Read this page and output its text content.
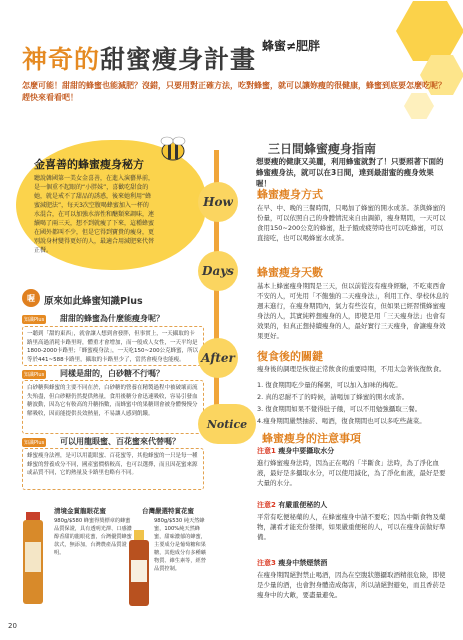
蜂蜜≠肥胖
神奇的甜蜜瘦身計畫
怎麼可能！甜甜的蜂蜜也能減肥？沒錯，只要用對正確方法，吃對蜂蜜，就可以讓妳瘦的很健康，蜂蜜到底要怎麼吃呢？趕快來看看吧！
金喜善的蜂蜜瘦身秘方
聽說韓國第一美女金喜善，在進入演藝界前，是一個重不起眼的“小胖妹”，喜歡吃甜食的她，就是戒不了甜品的誘惑，後來她利用“蜂蜜減肥法”，每天3次空腹喝蜂蜜加入一杯的水混合，在可以加強水溶性和醣類來調味，連續喝了兩三天，想不到就瘦了下來，這種蜂蜜在國外都叫不少，但是它得到寶貴的瘦身，更別說身材變得更好的人，最適合用減肥來代替正餐。
喔 原來如此蜂蜜知識Plus
知識Plus 甜甜的蜂蜜為什麼能瘦身呢？
一聽到「甜的東西」，就會讓人想到會發胖，但事實上，一天攝取的卡路里高過消耗卡路里時，體重才會增加，而一般成人女性，一天平均是1800-2000卡路里；「蜂蜜瘦身法」，一天吃150~200公克蜂蜜，所以等於441~588卡路里，攝取的卡路里少了，當然會瘦身也能瘦。
知識Plus 同樣是甜的，白砂糖不行嗎？
白砂糖與蜂蜜的主要不同在於，白砂糖的營養在精製過程中被破壞而流失殆盡，但白砂糖仍然提供熱量，食用後糖分會迅速吸收，容易引發血糖波動，因為它有較高的升糖指數，而蜂蜜中的果糖則會被身體慢慢分解吸收，因而能提供長效熱量，不易讓人感到飢餓。
知識Plus 可以用龍眼蜜、百花蜜來代替嗎？
蜂蜜瘦身法裡，是可以用龍眼蜜、百花蜜等，其他蜂蜜的一只是每一種蜂蜜的營養成分不同，國產蜜價格較高，也可以選擇，而且因花蜜來源或品質不同，它的熱量及卡路里也略有不同。
清境金賞龍眼花蜜
980g/$580 蜂蜜得獎標章的蜂蜜品質保證，具有透明光澤、口感濃醇香甜的龍眼花蜜，台灣優質蜂蜜款式，無添加，台灣農產品質證明。
台灣嚴選特賞花蜜
980g/$530 純天然蜂蜜，100%純天然蜂蜜，甜味濃郁的蜂蜜，主要成分是葡萄糖和果糖，其他成分有多種礦物質、維生素等，經營品質控制。
三日間蜂蜜瘦身指南
想要瘦的健康又美麗，利用蜂蜜就對了！只要照著下面的蜂蜜瘦身法，就可以在3日間，達到最甜蜜的瘦身效果喔！
How
蜂蜜瘦身方式
在早、中、晚的三餐時間，只喝加了蜂蜜的開水或茶。茶與蜂蜜的份量，可以依照自己的身體情況來自由調節，瘦身期間，一天可以食用150~200公克的蜂蜜，肚子餓或疲勞時也可以吃蜂蜜，可以直接吃，也可以喝蜂蜜水或茶。
Days	蜂蜜瘦身天數
基本上蜂蜜瘦身期間是三天，但以前從沒有瘦身經驗，不吃東西會不安的人，可先用「不飽強的二天瘦身法」，利用工作、學校休息的週末進行，在瘦身期間內，氣力有些沒有，但如果已經習慣蜂蜜瘦身法的人，其實純粹想瘦身的人，即使是用「三天瘦身法」也會有效果的，但真正想持續瘦身的人，最好實行三天瘦身，會讓瘦身效果更好。
After 復食後的關鍵
瘦身後的調理是恢復正常飲食的重要時期，不用太急著恢復飲食。
1. 復食期間吃少量的稀粥，可以加入加味的梅乾。
2. 真的忍耐不了的時候，請喝加了蜂蜜的開水或茶。
3. 復食期間如果不覺得肚子餓，可以不用勉強攝取三餐。
4.瘦身期間嚴禁抽菸、喝酒，復食期間也可以多吃些蔬菜。
Notice
蜂蜜瘦身的注意事項
注意1 瘦身中要攝取水分
進行蜂蜜瘦身法時，因為正在喝的「半斷食」法時，為了淨化血液，最好是多攝取水分，可以使用減化，為了淨化血液，最好是要大量的水分。
注意2 有嚴重便秘的人
平常有吃便秘藥的人，在蜂蜜瘦身中請不要吃；因為中斷食物及藥物，讓看才能充份發揮，如果嚴重便秘的人，可以在瘦身前做好準備。
注意3 瘦身中禁煙禁酒
在瘦身期間絕對禁止喝酒，因為在空腹狀態攝取酒精很危險，即使是少量的酒，也會對身體造成傷害，所以請絕對避免，而且香菸是瘦身中的大敵，要盡量避免。
20
